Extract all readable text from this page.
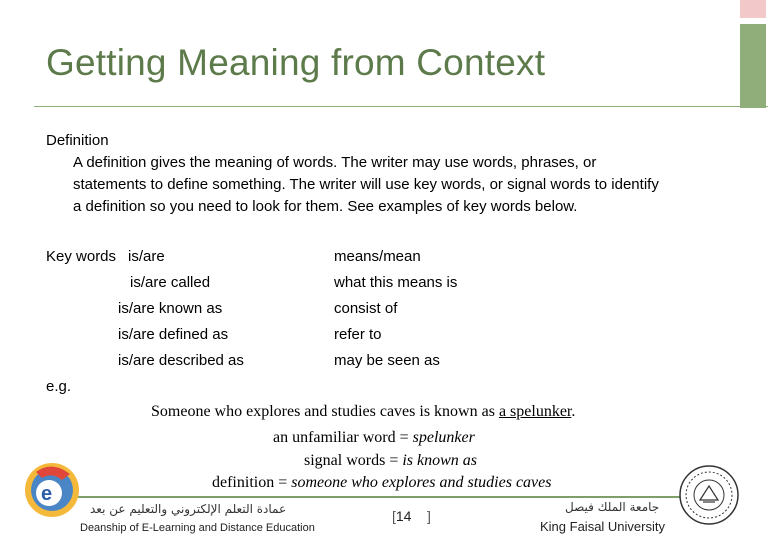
Getting Meaning from Context
Definition
A definition gives the meaning of words. The writer may use words, phrases, or
statements to define something. The writer will use key words, or signal words to identify
a definition so you need to look for them. See examples of key words below.
Key words is/are
is/are called
is/are known as
is/are defined as
is/are described as
means/mean
what this means is
consist of
refer to
may be seen as
e.g.
Someone who explores and studies caves is known as a spelunker.
an unfamiliar word = spelunker
signal words = is known as
definition = someone who explores and studies caves
e
عمادة التعلم الإلكتروني والتعليم عن بعد
Deanship of E-Learning and Distance Education
[14    ]
جامعة الملك فيصل
King Faisal University
